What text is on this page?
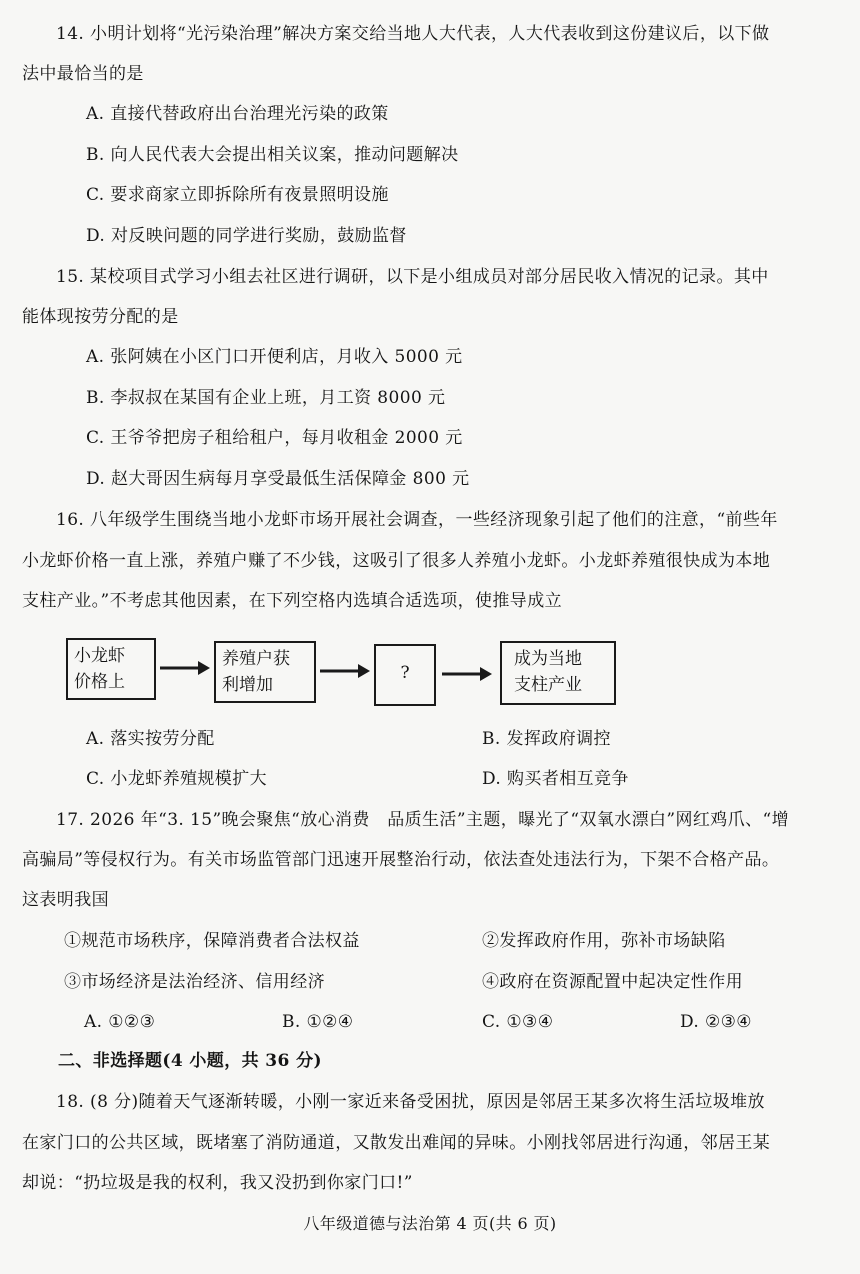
14. 小明计划将“光污染治理”解决方案交给当地人大代表，人大代表收到这份建议后，以下做
法中最恰当的是
A. 直接代替政府出台治理光污染的政策
B. 向人民代表大会提出相关议案，推动问题解决
C. 要求商家立即拆除所有夜景照明设施
D. 对反映问题的同学进行奖励，鼓励监督
15. 某校项目式学习小组去社区进行调研，以下是小组成员对部分居民收入情况的记录。其中
能体现按劳分配的是
A. 张阿姨在小区门口开便利店，月收入 5000 元
B. 李叔叔在某国有企业上班，月工资 8000 元
C. 王爷爷把房子租给租户，每月收租金 2000 元
D. 赵大哥因生病每月享受最低生活保障金 800 元
16. 八年级学生围绕当地小龙虾市场开展社会调查，一些经济现象引起了他们的注意，“前些年
小龙虾价格一直上涨，养殖户赚了不少钱，这吸引了很多人养殖小龙虾。小龙虾养殖很快成为本地
支柱产业。”不考虑其他因素，在下列空格内选填合适选项，使推导成立
小龙虾
价格上
养殖户获
利增加
?
成为当地
支柱产业
A. 落实按劳分配	B. 发挥政府调控
C. 小龙虾养殖规模扩大	D. 购买者相互竞争
17. 2026 年“3. 15”晚会聚焦“放心消费　品质生活”主题，曝光了“双氧水漂白”网红鸡爪、“增
高骗局”等侵权行为。有关市场监管部门迅速开展整治行动，依法查处违法行为，下架不合格产品。
这表明我国
①规范市场秩序，保障消费者合法权益	②发挥政府作用，弥补市场缺陷
③市场经济是法治经济、信用经济	④政府在资源配置中起决定性作用
A. ①②③	B. ①②④	C. ①③④	D. ②③④
二、非选择题(4 小题，共 36 分)
18. (8 分)随着天气逐渐转暖，小刚一家近来备受困扰，原因是邻居王某多次将生活垃圾堆放
在家门口的公共区域，既堵塞了消防通道，又散发出难闻的异味。小刚找邻居进行沟通，邻居王某
却说：“扔垃圾是我的权利，我又没扔到你家门口!”
八年级道德与法治第 4 页(共 6 页)
